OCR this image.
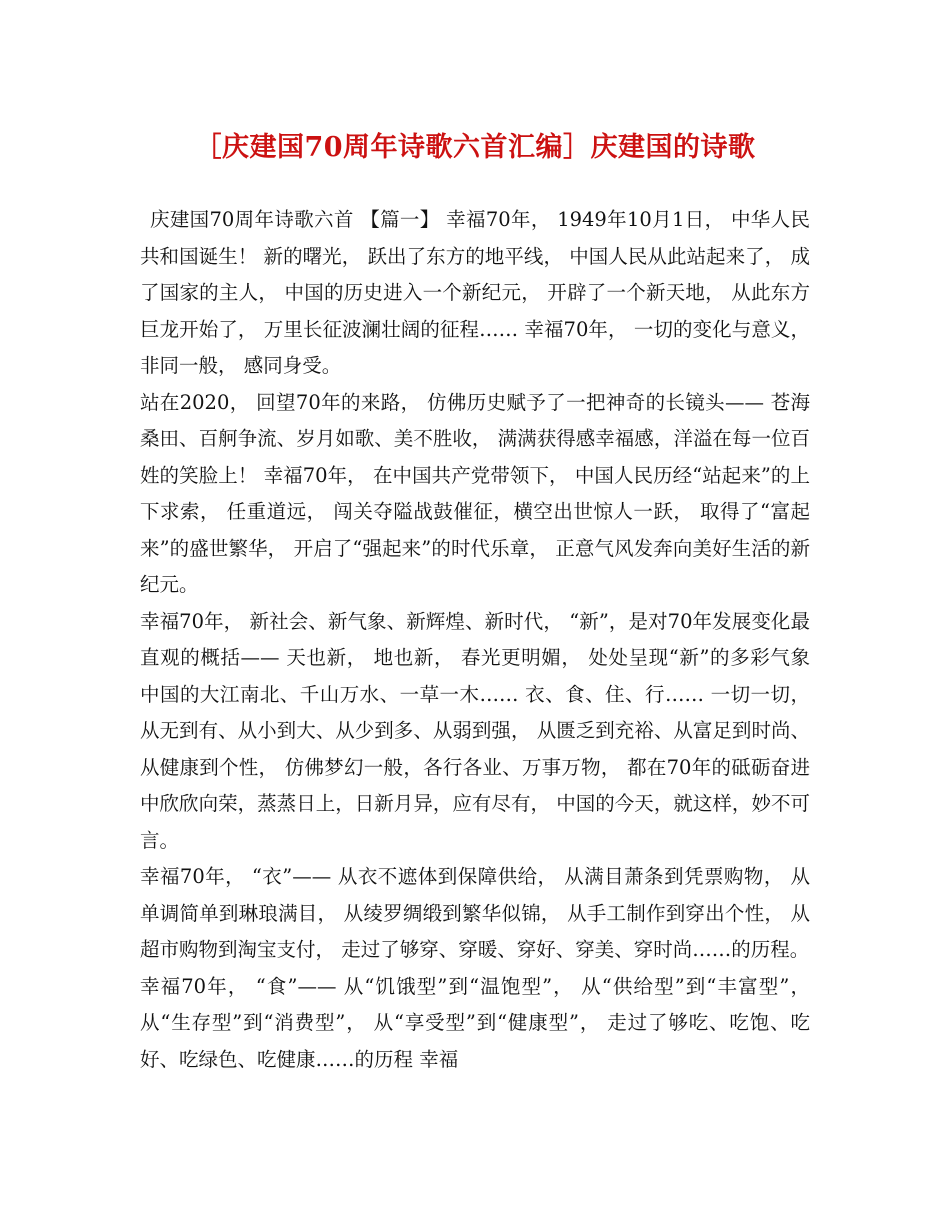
［庆建国70周年诗歌六首汇编］庆建国的诗歌

庆建国70周年诗歌六首 【篇一】 幸福70年， 1949年10月1日， 中华人民共和国诞生！ 新的曙光， 跃出了东方的地平线， 中国人民从此站起来了， 成了国家的主人， 中国的历史进入一个新纪元， 开辟了一个新天地， 从此东方巨龙开始了， 万里长征波澜壮阔的征程…… 幸福70年， 一切的变化与意义， 非同一般， 感同身受。

站在2020， 回望70年的来路， 仿佛历史赋予了一把神奇的长镜头—— 苍海桑田、百舸争流、岁月如歌、美不胜收， 满满获得感幸福感，洋溢在每一位百姓的笑脸上！ 幸福70年， 在中国共产党带领下， 中国人民历经“站起来”的上下求索， 任重道远， 闯关夺隘战鼓催征，横空出世惊人一跃， 取得了“富起来”的盛世繁华， 开启了“强起来”的时代乐章， 正意气风发奔向美好生活的新纪元。

幸福70年， 新社会、新气象、新辉煌、新时代， “新”，是对70年发展变化最直观的概括—— 天也新， 地也新， 春光更明媚， 处处呈现“新”的多彩气象 中国的大江南北、千山万水、一草一木…… 衣、食、住、行…… 一切一切， 从无到有、从小到大、从少到多、从弱到强， 从匮乏到充裕、从富足到时尚、从健康到个性， 仿佛梦幻一般，各行各业、万事万物， 都在70年的砥砺奋进中欣欣向荣，蒸蒸日上，日新月异，应有尽有， 中国的今天，就这样，妙不可言。

幸福70年， “衣”—— 从衣不遮体到保障供给， 从满目萧条到凭票购物， 从单调简单到琳琅满目， 从绫罗绸缎到繁华似锦， 从手工制作到穿出个性， 从超市购物到淘宝支付， 走过了够穿、穿暖、穿好、穿美、穿时尚……的历程。

幸福70年， “食”—— 从“饥饿型”到“温饱型”， 从“供给型”到“丰富型”， 从“生存型”到“消费型”， 从“享受型”到“健康型”， 走过了够吃、吃饱、吃好、吃绿色、吃健康……的历程 幸福
